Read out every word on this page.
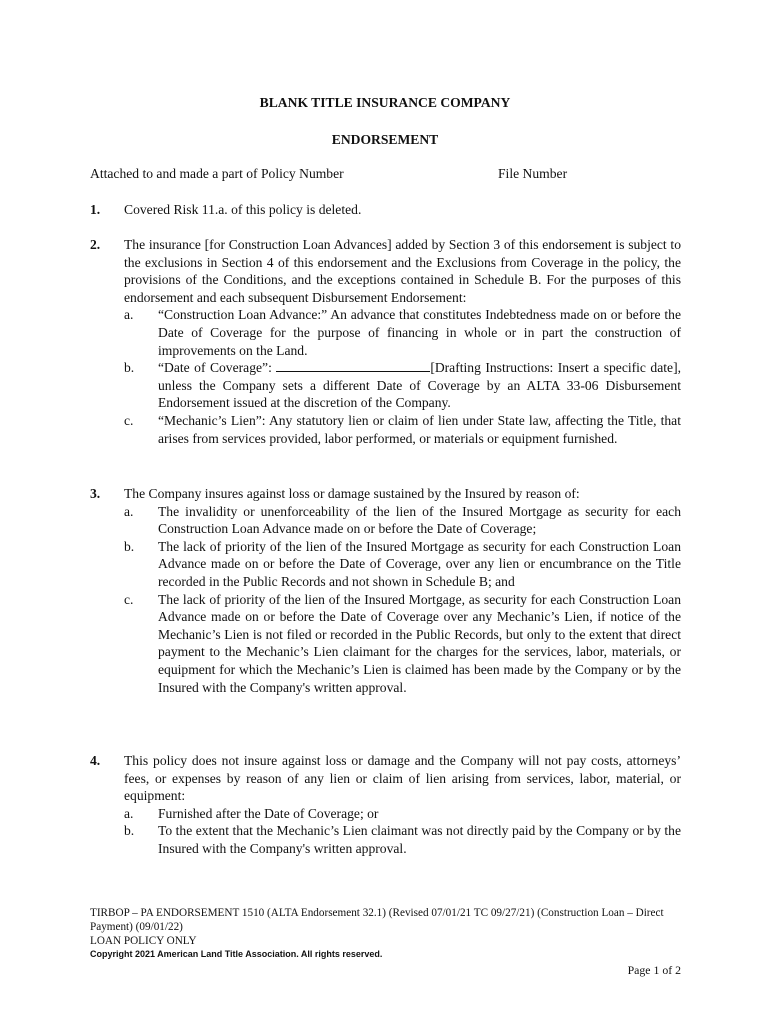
BLANK TITLE INSURANCE COMPANY
ENDORSEMENT
Attached to and made a part of Policy Number	File Number
1. Covered Risk 11.a. of this policy is deleted.
2. The insurance [for Construction Loan Advances] added by Section 3 of this endorsement is subject to the exclusions in Section 4 of this endorsement and the Exclusions from Coverage in the policy, the provisions of the Conditions, and the exceptions contained in Schedule B. For the purposes of this endorsement and each subsequent Disbursement Endorsement:
a. “Construction Loan Advance:” An advance that constitutes Indebtedness made on or before the Date of Coverage for the purpose of financing in whole or in part the construction of improvements on the Land.
b. “Date of Coverage”:	[Drafting Instructions: Insert a specific date], unless the Company sets a different Date of Coverage by an ALTA 33-06 Disbursement Endorsement issued at the discretion of the Company.
c. “Mechanic’s Lien”: Any statutory lien or claim of lien under State law, affecting the Title, that arises from services provided, labor performed, or materials or equipment furnished.
3. The Company insures against loss or damage sustained by the Insured by reason of:
a. The invalidity or unenforceability of the lien of the Insured Mortgage as security for each Construction Loan Advance made on or before the Date of Coverage;
b. The lack of priority of the lien of the Insured Mortgage as security for each Construction Loan Advance made on or before the Date of Coverage, over any lien or encumbrance on the Title recorded in the Public Records and not shown in Schedule B; and
c. The lack of priority of the lien of the Insured Mortgage, as security for each Construction Loan Advance made on or before the Date of Coverage over any Mechanic’s Lien, if notice of the Mechanic’s Lien is not filed or recorded in the Public Records, but only to the extent that direct payment to the Mechanic’s Lien claimant for the charges for the services, labor, materials, or equipment for which the Mechanic’s Lien is claimed has been made by the Company or by the Insured with the Company's written approval.
4. This policy does not insure against loss or damage and the Company will not pay costs, attorneys’ fees, or expenses by reason of any lien or claim of lien arising from services, labor, material, or equipment:
a. Furnished after the Date of Coverage; or
b. To the extent that the Mechanic’s Lien claimant was not directly paid by the Company or by the Insured with the Company's written approval.
TIRBOP – PA ENDORSEMENT 1510 (ALTA Endorsement 32.1) (Revised 07/01/21 TC 09/27/21) (Construction Loan – Direct Payment) (09/01/22)
LOAN POLICY ONLY
Copyright 2021 American Land Title Association. All rights reserved.
Page 1 of 2
